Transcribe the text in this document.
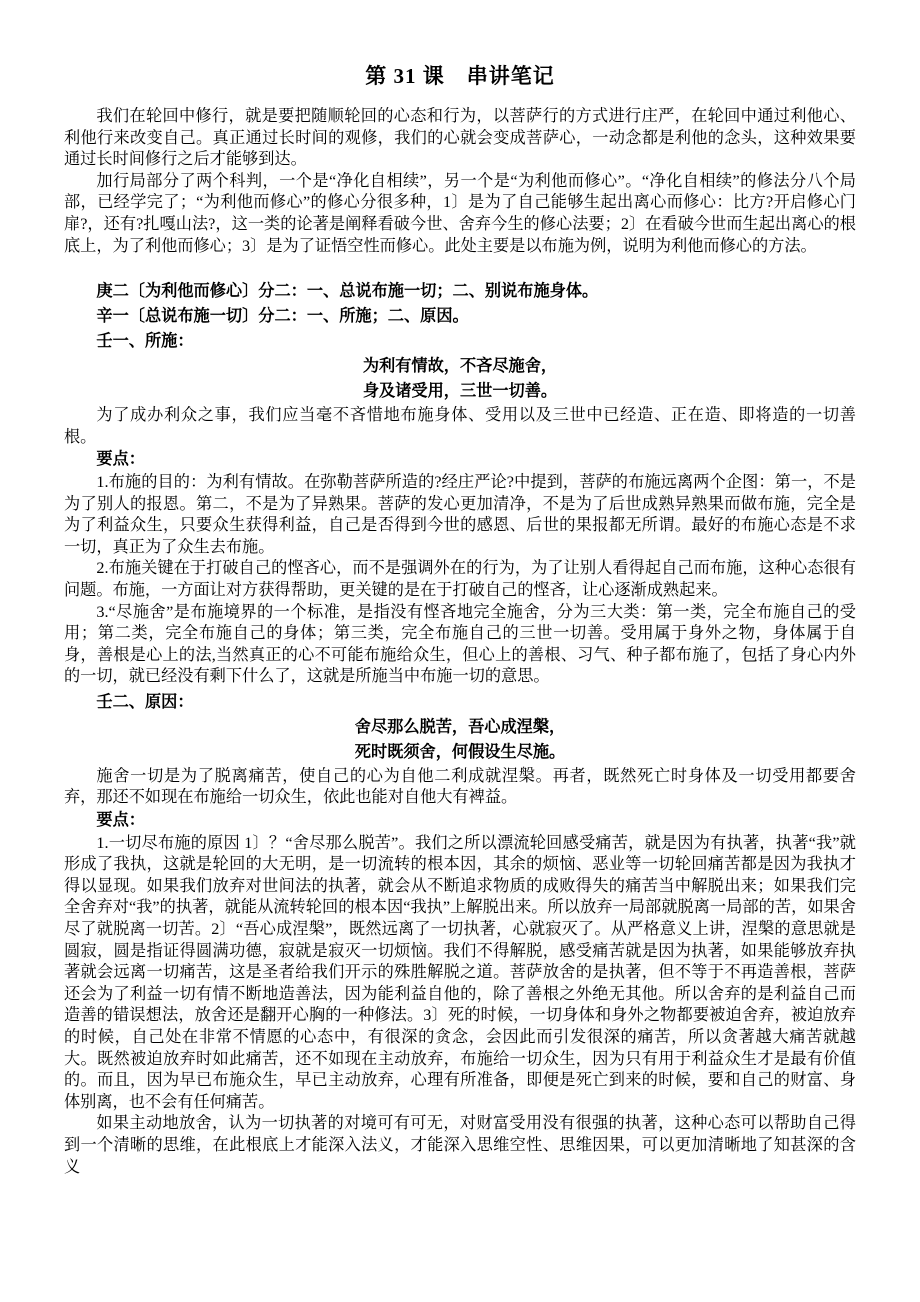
第 31 课　串讲笔记

我们在轮回中修行，就是要把随顺轮回的心态和行为，以菩萨行的方式进行庄严，在轮回中通过利他心、利他行来改变自己。真正通过长时间的观修，我们的心就会变成菩萨心，一动念都是利他的念头，这种效果要通过长时间修行之后才能够到达。

加行局部分了两个科判，一个是“净化自相续”，另一个是“为利他而修心”。“净化自相续”的修法分八个局部，已经学完了；“为利他而修心”的修心分很多种，1〕是为了自己能够生起出离心而修心：比方?开启修心门扉?，还有?扎嘎山法?，这一类的论著是阐释看破今世、舍弃今生的修心法要；2〕在看破今世而生起出离心的根底上，为了利他而修心；3〕是为了证悟空性而修心。此处主要是以布施为例，说明为利他而修心的方法。

庚二〔为利他而修心〕分二：一、总说布施一切；二、别说布施身体。

辛一〔总说布施一切〕分二：一、所施；二、原因。

壬一、所施：

为利有情故，不吝尽施舍，

身及诸受用，三世一切善。

为了成办利众之事，我们应当毫不吝惜地布施身体、受用以及三世中已经造、正在造、即将造的一切善根。

要点：

1.布施的目的：为利有情故。在弥勒菩萨所造的?经庄严论?中提到，菩萨的布施远离两个企图：第一，不是为了别人的报恩。第二，不是为了异熟果。菩萨的发心更加清净，不是为了后世成熟异熟果而做布施，完全是为了利益众生，只要众生获得利益，自己是否得到今世的感恩、后世的果报都无所谓。最好的布施心态是不求一切，真正为了众生去布施。

2.布施关键在于打破自己的悭吝心，而不是强调外在的行为，为了让别人看得起自己而布施，这种心态很有问题。布施，一方面让对方获得帮助，更关键的是在于打破自己的悭吝，让心逐渐成熟起来。

3.“尽施舍”是布施境界的一个标准，是指没有悭吝地完全施舍，分为三大类：第一类，完全布施自己的受用；第二类，完全布施自己的身体；第三类，完全布施自己的三世一切善。受用属于身外之物，身体属于自身，善根是心上的法,当然真正的心不可能布施给众生，但心上的善根、习气、种子都布施了，包括了身心内外的一切，就已经没有剩下什么了，这就是所施当中布施一切的意思。

壬二、原因：

舍尽那么脱苦，吾心成涅槃，

死时既须舍，何假设生尽施。

施舍一切是为了脱离痛苦，使自己的心为自他二利成就涅槃。再者，既然死亡时身体及一切受用都要舍弃，那还不如现在布施给一切众生，依此也能对自他大有裨益。

要点：

1.一切尽布施的原因 1〕？“舍尽那么脱苦”。我们之所以漂流轮回感受痛苦，就是因为有执著，执著“我”就形成了我执，这就是轮回的大无明，是一切流转的根本因，其余的烦恼、恶业等一切轮回痛苦都是因为我执才得以显现。如果我们放弃对世间法的执著，就会从不断追求物质的成败得失的痛苦当中解脱出来；如果我们完全舍弃对“我”的执著，就能从流转轮回的根本因“我执”上解脱出来。所以放弃一局部就脱离一局部的苦，如果舍尽了就脱离一切苦。2〕“吾心成涅槃”，既然远离了一切执著，心就寂灭了。从严格意义上讲，涅槃的意思就是圆寂，圆是指证得圆满功德，寂就是寂灭一切烦恼。我们不得解脱，感受痛苦就是因为执著，如果能够放弃执著就会远离一切痛苦，这是圣者给我们开示的殊胜解脱之道。菩萨放舍的是执著，但不等于不再造善根，菩萨还会为了利益一切有情不断地造善法，因为能利益自他的，除了善根之外绝无其他。所以舍弃的是利益自己而造善的错误想法，放舍还是翻开心胸的一种修法。3〕死的时候，一切身体和身外之物都要被迫舍弃，被迫放弃的时候，自己处在非常不情愿的心态中，有很深的贪念，会因此而引发很深的痛苦，所以贪著越大痛苦就越大。既然被迫放弃时如此痛苦，还不如现在主动放弃，布施给一切众生，因为只有用于利益众生才是最有价值的。而且，因为早已布施众生，早已主动放弃，心理有所准备，即便是死亡到来的时候，要和自己的财富、身体别离，也不会有任何痛苦。

如果主动地放舍，认为一切执著的对境可有可无，对财富受用没有很强的执著，这种心态可以帮助自己得到一个清晰的思维，在此根底上才能深入法义，才能深入思维空性、思维因果，可以更加清晰地了知甚深的含义
